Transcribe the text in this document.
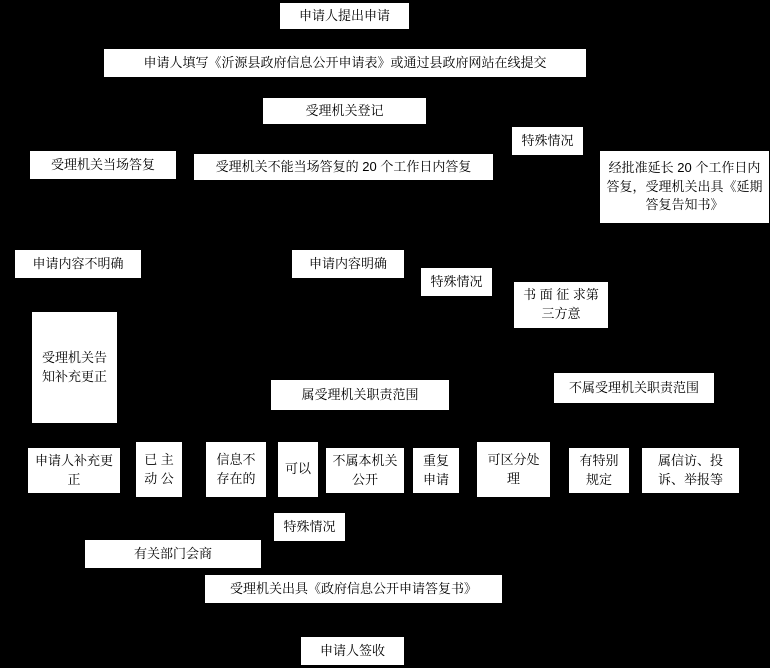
申请人提出申请
申请人填写《沂源县政府信息公开申请表》或通过县政府网站在线提交
受理机关登记
特殊情况
受理机关当场答复	受理机关不能当场答复的 20 个工作日内答复	经批准延长 20 个工作日内答复，受理机关出具《延期答复告知书》
申请内容不明确	申请内容明确
特殊情况
书 面 征 求第三方意
受理机关告知补充更正
属受理机关职责范围	不属受理机关职责范围
申请人补充更正
已 主 动 公
信息不存在的
可以
不属本机关公开
重复申请
可区分处理
有特别规定
属信访、投诉、举报等
特殊情况
有关部门会商
受理机关出具《政府信息公开申请答复书》
申请人签收
